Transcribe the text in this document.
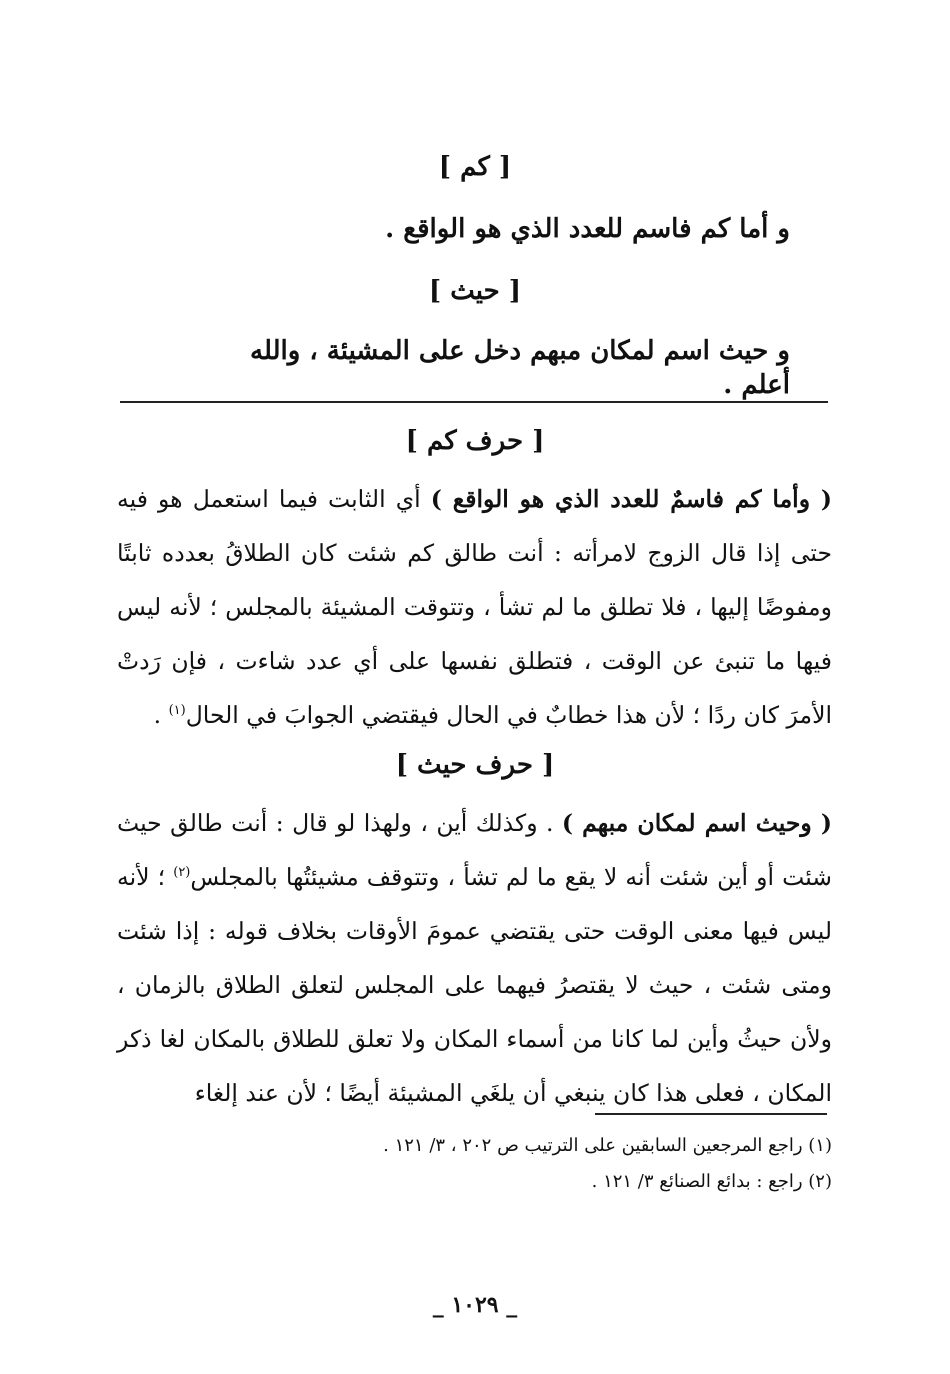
[ كم ]
و أما كم فاسم للعدد الذي هو الواقع .
[ حيث ]
و حيث اسم لمكان مبهم دخل على المشيئة ، والله أعلم .
[ حرف كم ]
( وأما كم فاسمٌ للعدد الذي هو الواقع ) أي الثابت فيما استعمل هو فيه حتى إذا قال الزوج لامرأته : أنت طالق كم شئت كان الطلاقُ بعدده ثابتًا ومفوضًا إليها ، فلا تطلق ما لم تشأ ، وتتوقت المشيئة بالمجلس ؛ لأنه ليس فيها ما تنبئ عن الوقت ، فتطلق نفسها على أي عدد شاءت ، فإن رَدتْ الأمرَ كان ردًا ؛ لأن هذا خطابٌ في الحال فيقتضي الجوابَ في الحال$^{(١)}$ .
[ حرف حيث ]
( وحيث اسم لمكان مبهم ) . وكذلك أين ، ولهذا لو قال : أنت طالق حيث شئت أو أين شئت أنه لا يقع ما لم تشأ ، وتتوقف مشيئتُها بالمجلس$^{(٢)}$ ؛ لأنه ليس فيها معنى الوقت حتى يقتضي عمومَ الأوقات بخلاف قوله : إذا شئت ومتى شئت ، حيث لا يقتصرُ فيهما على المجلس لتعلق الطلاق بالزمان ، ولأن حيثُ وأين لما كانا من أسماء المكان ولا تعلق للطلاق بالمكان لغا ذكر المكان ، فعلى هذا كان ينبغي أن يلغَي المشيئة أيضًا ؛ لأن عند إلغاء
(١) راجع المرجعين السابقين على الترتيب ص ٢٠٢ ، ٣/ ١٢١ .
(٢) راجع : بدائع الصنائع ٣/ ١٢١ .
_ ١٠٢٩ _
